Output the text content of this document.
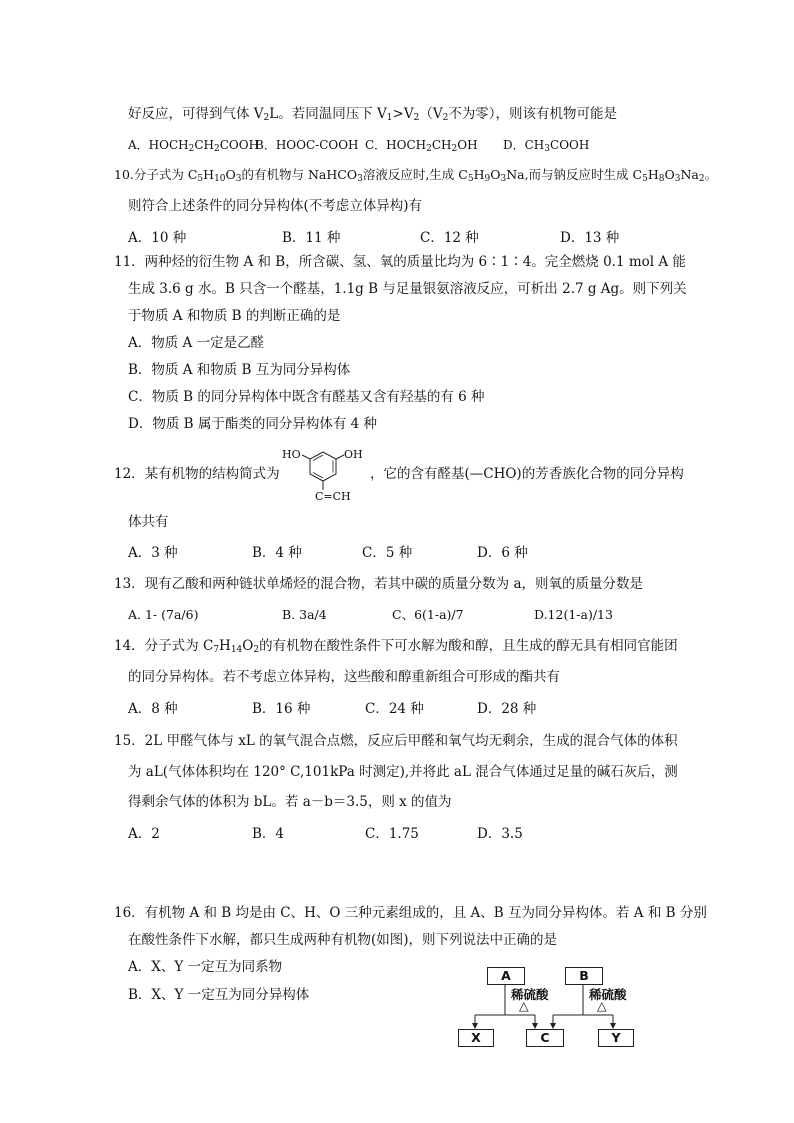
好反应，可得到气体 $V_2L$。若同温同压下 $V_1>V_2(V_2$不为零），则该有机物可能是
A．$HOCH_2CH_2COOH$
B．HOOC-COOH C．$HOCH_2CH_2OH$ D．$CH_3COOH$
10.分子式为 $C_5H_{10}O_3$的有机物与 NaHCO$_3$溶液反应时,生成 $C_5H_9O_3Na$,而与钠反应时生成 $C_5H_8O_3Na_2$。
则符合上述条件的同分异构体(不考虑立体异构)有
A．10 种	B．11 种	C．12 种	D．13 种
11．两种烃的衍生物 A 和 B，所含碳、氢、氧的质量比均为 6∶1∶4。完全燃烧 0.1 mol A 能
生成 3.6 g 水。B 只含一个醛基，1.1g B 与足量银氨溶液反应，可析出 2.7 g Ag。则下列关
于物质 A 和物质 B 的判断正确的是
A．物质 A 一定是乙醛
B．物质 A 和物质 B 互为同分异构体
C．物质 B 的同分异构体中既含有醛基又含有羟基的有 6 种
D．物质 B 属于酯类的同分异构体有 4 种
12．某有机物的结构简式为
HO	OH
C=CH
，它的含有醛基(—CHO)的芳香族化合物的同分异构
体共有
A．3 种	B．4 种	C．5 种	D．6 种
13．现有乙酸和两种链状单烯烃的混合物，若其中碳的质量分数为 a，则氧的质量分数是
A. 1- (7a/6)	B. 3a/4	C、6(1-a)/7	D.12(1-a)/13
14．分子式为 $C_7H_{14}O_2$的有机物在酸性条件下可水解为酸和醇，且生成的醇无具有相同官能团
的同分异构体。若不考虑立体异构，这些酸和醇重新组合可形成的酯共有
A．8 种	B．16 种	C．24 种	D．28 种
15．2L 甲醛气体与 xL 的氧气混合点燃，反应后甲醛和氧气均无剩余，生成的混合气体的体积
为 aL(气体体积均在 120° C,101kPa 时测定),并将此 aL 混合气体通过足量的碱石灰后，测
得剩余气体的体积为 bL。若 a－b＝3.5，则 x 的值为
A．2	B．4	C．1.75	D．3.5
16．有机物 A 和 B 均是由 C、H、O 三种元素组成的，且 A、B 互为同分异构体。若 A 和 B 分别
在酸性条件下水解，都只生成两种有机物(如图)，则下列说法中正确的是
A．X、Y 一定互为同系物
B．X、Y 一定互为同分异构体
A	B
稀硫酸
△
稀硫酸
△
X	C	Y
